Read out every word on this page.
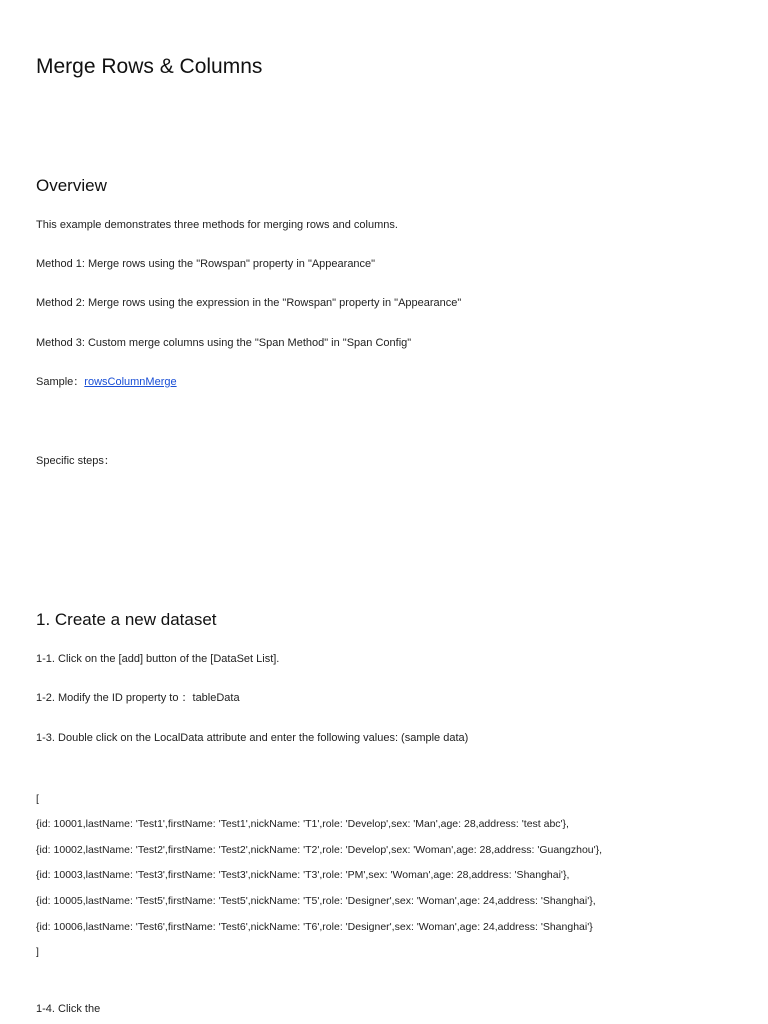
Merge Rows & Columns
Overview

This example demonstrates three methods for merging rows and columns.

Method 1: Merge rows using the "Rowspan" property in "Appearance"

Method 2: Merge rows using the expression in the "Rowspan" property in "Appearance"

Method 3: Custom merge columns using the "Span Method" in "Span Config"

Sample：rowsColumnMerge

Specific steps：

1. Create a new dataset

1-1. Click on the [add] button of the [DataSet List].

1-2. Modify the ID property to ：tableData

1-3. Double click on the LocalData attribute and enter the following values: (sample data)

[
{id: 10001,lastName: 'Test1',firstName: 'Test1',nickName: 'T1',role: 'Develop',sex: 'Man',age: 28,address: 'test abc'},
{id: 10002,lastName: 'Test2',firstName: 'Test2',nickName: 'T2',role: 'Develop',sex: 'Woman',age: 28,address: 'Guangzhou'},
{id: 10003,lastName: 'Test3',firstName: 'Test3',nickName: 'T3',role: 'PM',sex: 'Woman',age: 28,address: 'Shanghai'},
{id: 10005,lastName: 'Test5',firstName: 'Test5',nickName: 'T5',role: 'Designer',sex: 'Woman',age: 24,address: 'Shanghai'},
{id: 10006,lastName: 'Test6',firstName: 'Test6',nickName: 'T6',role: 'Designer',sex: 'Woman',age: 24,address: 'Shanghai'}
]

1-4. Click the
